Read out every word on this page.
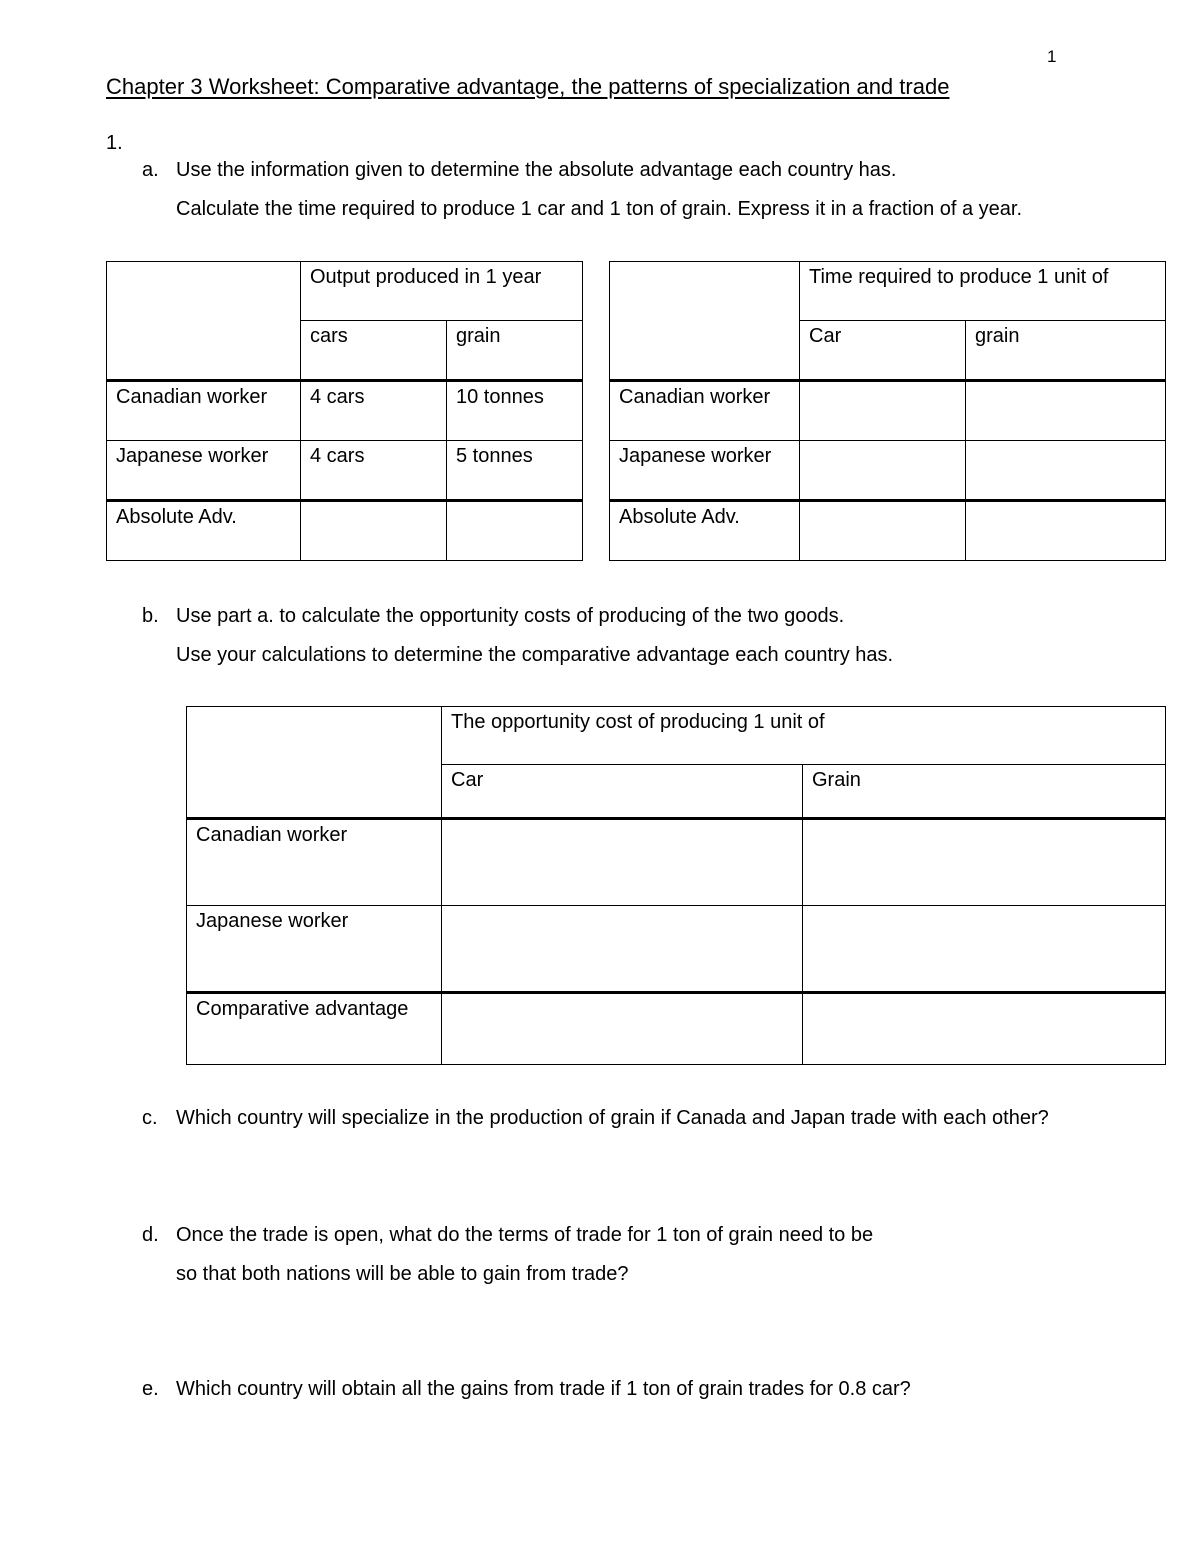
1
Chapter 3 Worksheet: Comparative advantage, the patterns of specialization and trade
1.
a. Use the information given to determine the absolute advantage each country has.
Calculate the time required to produce 1 car and 1 ton of grain. Express it in a fraction of a year.
	Output produced in 1 year	
	cars	grain
Canadian worker	4 cars	10 tonnes
Japanese worker	4 cars	5 tonnes
Absolute Adv.		
	Time required to produce 1 unit of	
	Car	grain
Canadian worker		
Japanese worker		
Absolute Adv.		
b. Use part a. to calculate the opportunity costs of producing of the two goods.
Use your calculations to determine the comparative advantage each country has.
	The opportunity cost of producing 1 unit of	
	Car	Grain
Canadian worker		
Japanese worker		
Comparative advantage		
c. Which country will specialize in the production of grain if Canada and Japan trade with each other?
d. Once the trade is open, what do the terms of trade for 1 ton of grain need to be
so that both nations will be able to gain from trade?
e. Which country will obtain all the gains from trade if 1 ton of grain trades for 0.8 car?
